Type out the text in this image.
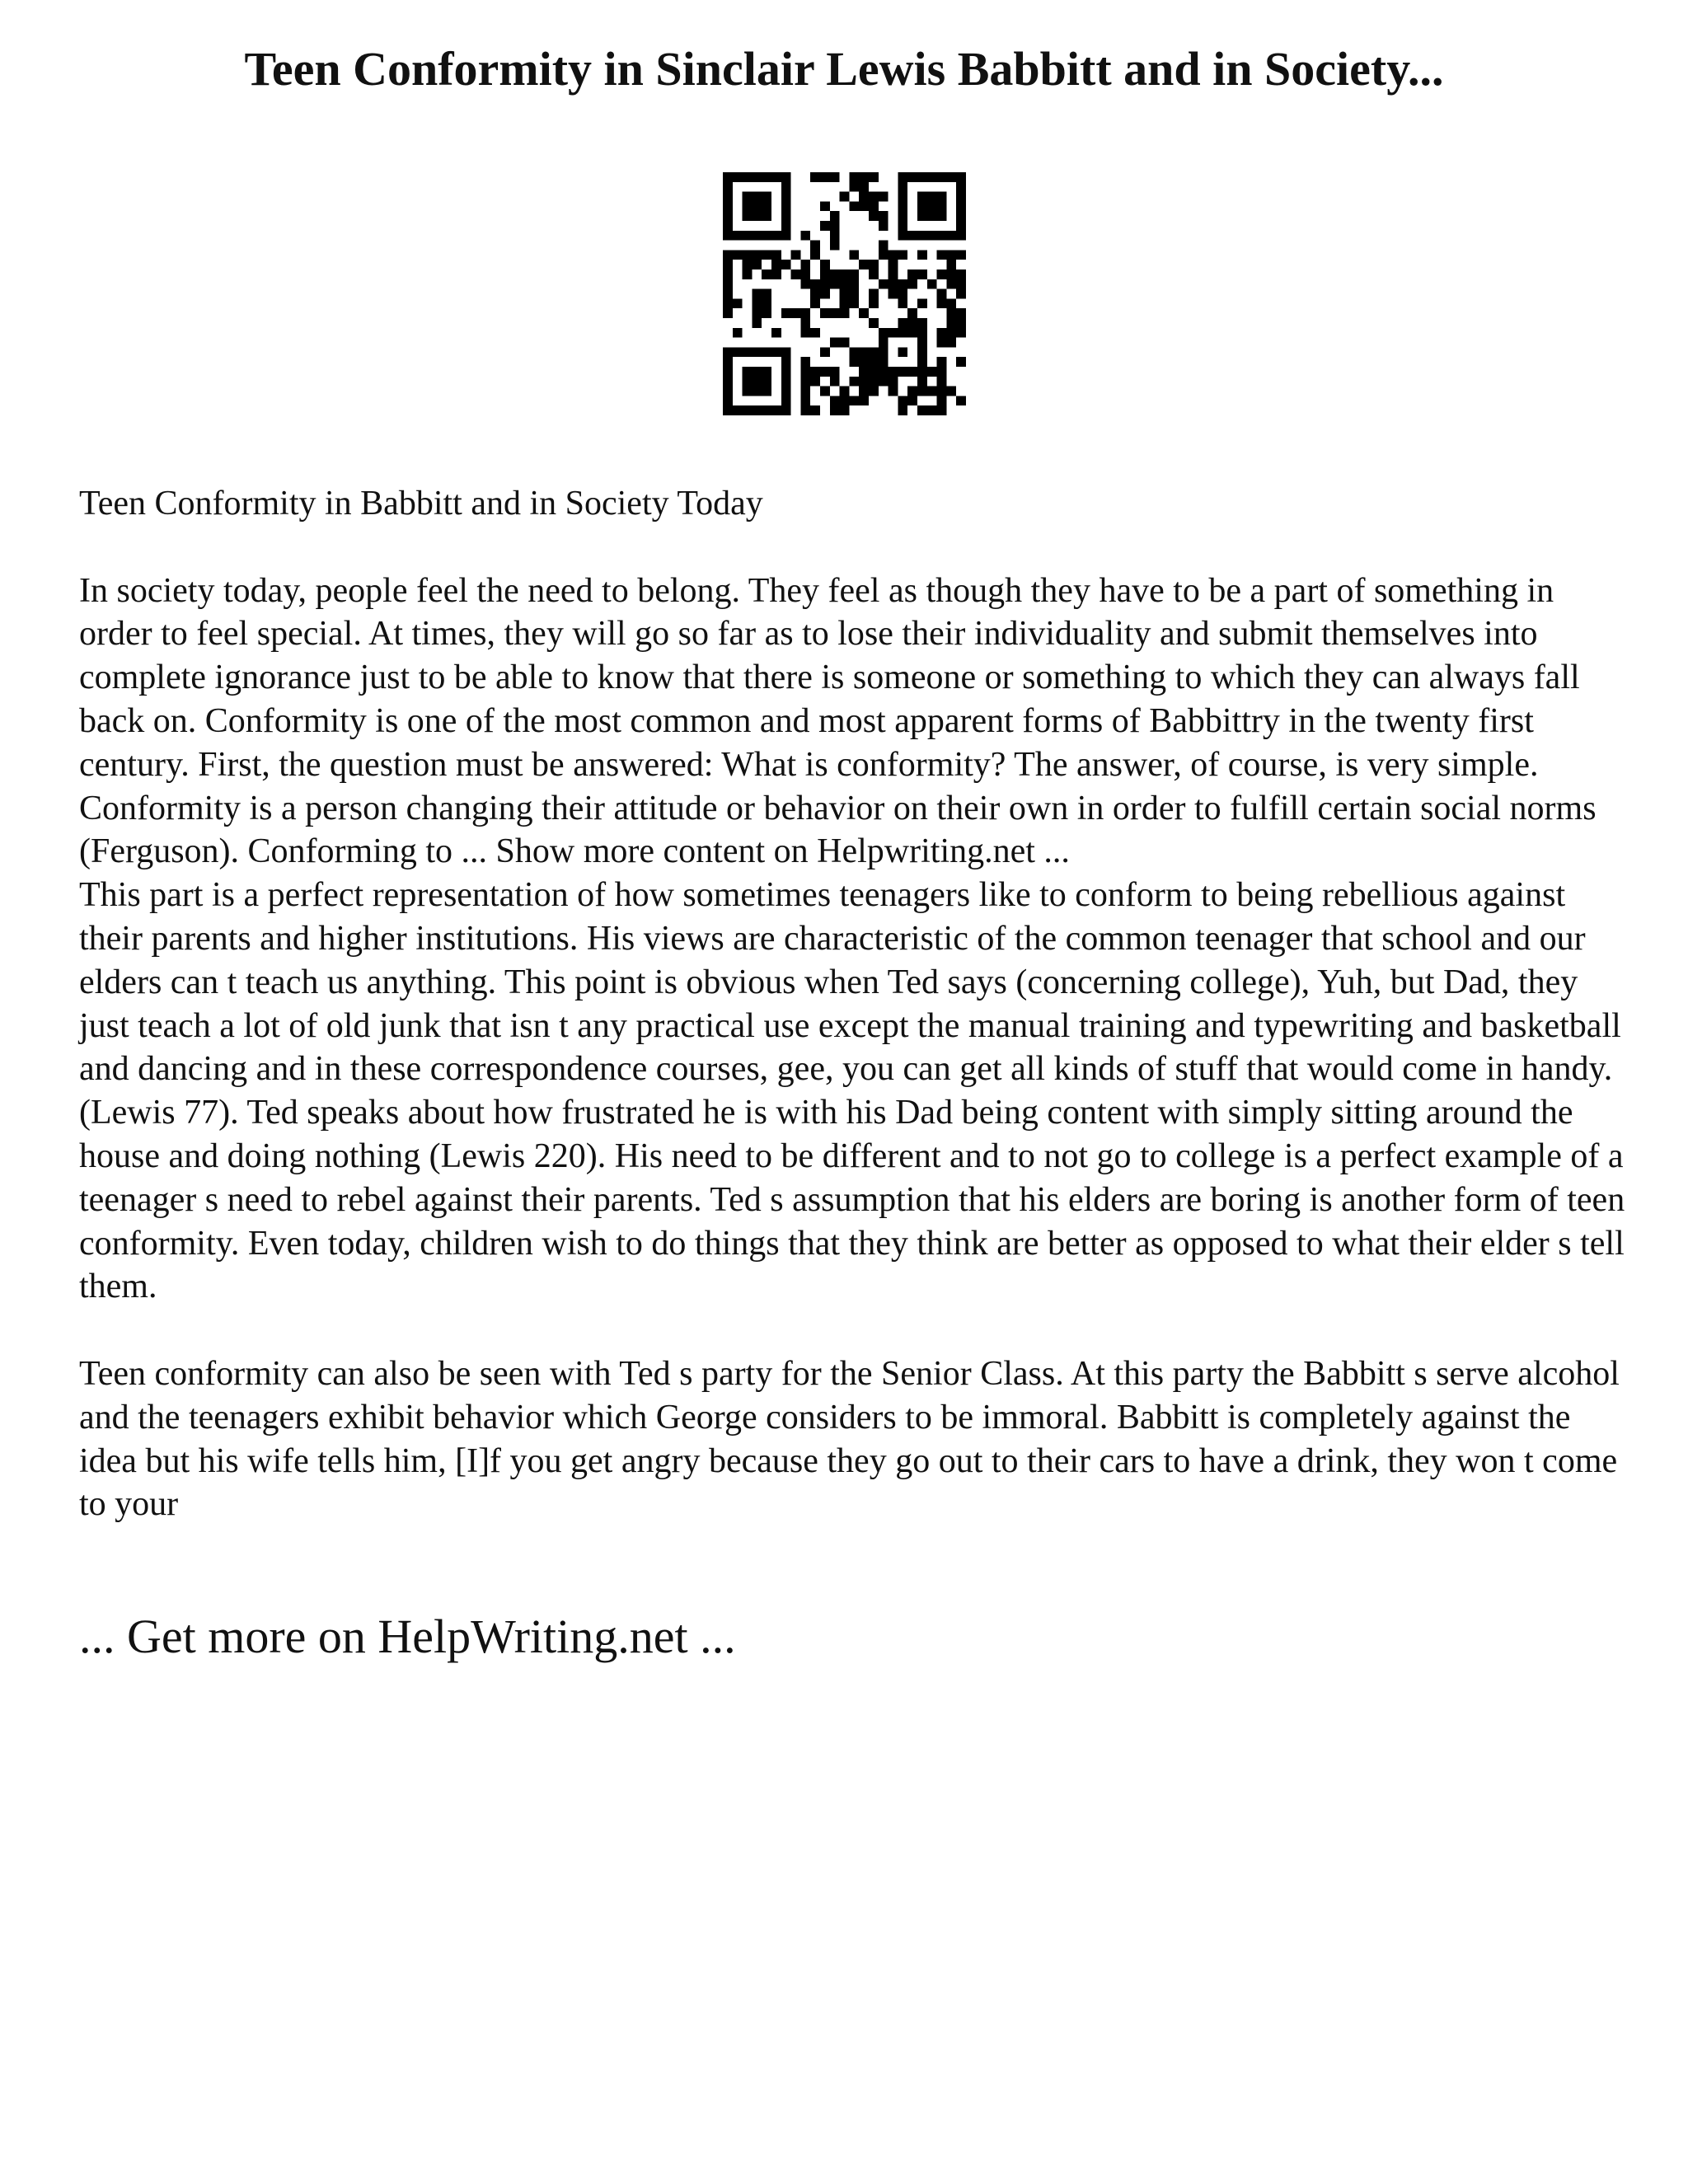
Teen Conformity in Sinclair Lewis Babbitt and in Society...

Teen Conformity in Babbitt and in Society Today

In society today, people feel the need to belong. They feel as though they have to be a part of something in order to feel special. At times, they will go so far as to lose their individuality and submit themselves into complete ignorance just to be able to know that there is someone or something to which they can always fall back on. Conformity is one of the most common and most apparent forms of Babbittry in the twenty first century. First, the question must be answered: What is conformity? The answer, of course, is very simple. Conformity is a person changing their attitude or behavior on their own in order to fulfill certain social norms (Ferguson). Conforming to ... Show more content on Helpwriting.net ...

This part is a perfect representation of how sometimes teenagers like to conform to being rebellious against their parents and higher institutions. His views are characteristic of the common teenager that school and our elders can t teach us anything. This point is obvious when Ted says (concerning college), Yuh, but Dad, they just teach a lot of old junk that isn t any practical use except the manual training and typewriting and basketball and dancing and in these correspondence courses, gee, you can get all kinds of stuff that would come in handy. (Lewis 77). Ted speaks about how frustrated he is with his Dad being content with simply sitting around the house and doing nothing (Lewis 220). His need to be different and to not go to college is a perfect example of a teenager s need to rebel against their parents. Ted s assumption that his elders are boring is another form of teen conformity. Even today, children wish to do things that they think are better as opposed to what their elder s tell them.

Teen conformity can also be seen with Ted s party for the Senior Class. At this party the Babbitt s serve alcohol and the teenagers exhibit behavior which George considers to be immoral. Babbitt is completely against the idea but his wife tells him, [I]f you get angry because they go out to their cars to have a drink, they won t come to your

... Get more on HelpWriting.net ...
